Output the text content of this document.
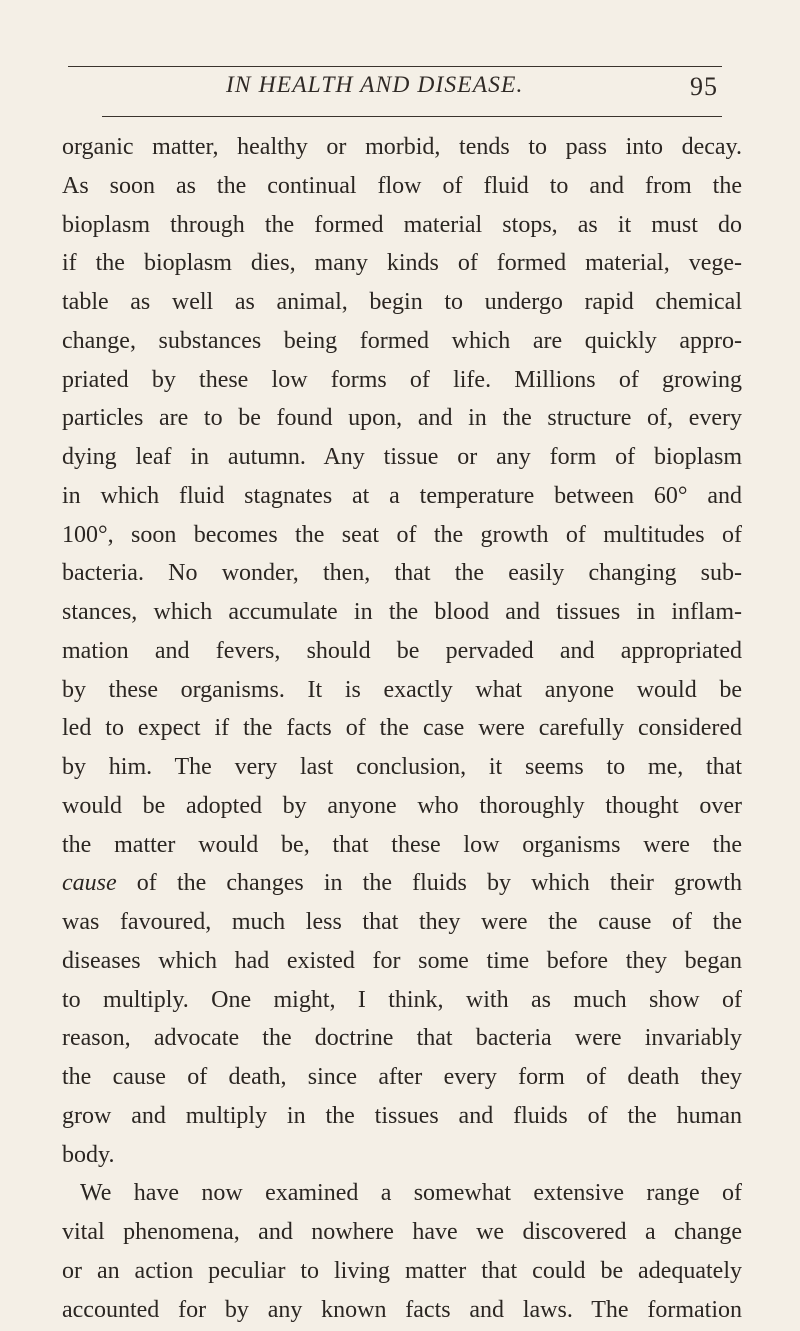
IN HEALTH AND DISEASE.	95
organic matter, healthy or morbid, tends to pass into decay.
As soon as the continual flow of fluid to and from the
bioplasm through the formed material stops, as it must do
if the bioplasm dies, many kinds of formed material, vege-
table as well as animal, begin to undergo rapid chemical
change, substances being formed which are quickly appro-
priated by these low forms of life. Millions of growing
particles are to be found upon, and in the structure of, every
dying leaf in autumn. Any tissue or any form of bioplasm
in which fluid stagnates at a temperature between 60° and
100°, soon becomes the seat of the growth of multitudes of
bacteria. No wonder, then, that the easily changing sub-
stances, which accumulate in the blood and tissues in inflam-
mation and fevers, should be pervaded and appropriated
by these organisms. It is exactly what anyone would be
led to expect if the facts of the case were carefully considered
by him. The very last conclusion, it seems to me, that
would be adopted by anyone who thoroughly thought over
the matter would be, that these low organisms were the
cause of the changes in the fluids by which their growth
was favoured, much less that they were the cause of the
diseases which had existed for some time before they began
to multiply. One might, I think, with as much show of
reason, advocate the doctrine that bacteria were invariably
the cause of death, since after every form of death they
grow and multiply in the tissues and fluids of the human
body.
We have now examined a somewhat extensive range of
vital phenomena, and nowhere have we discovered a change
or an action peculiar to living matter that could be adequately
accounted for by any known facts and laws. The formation
